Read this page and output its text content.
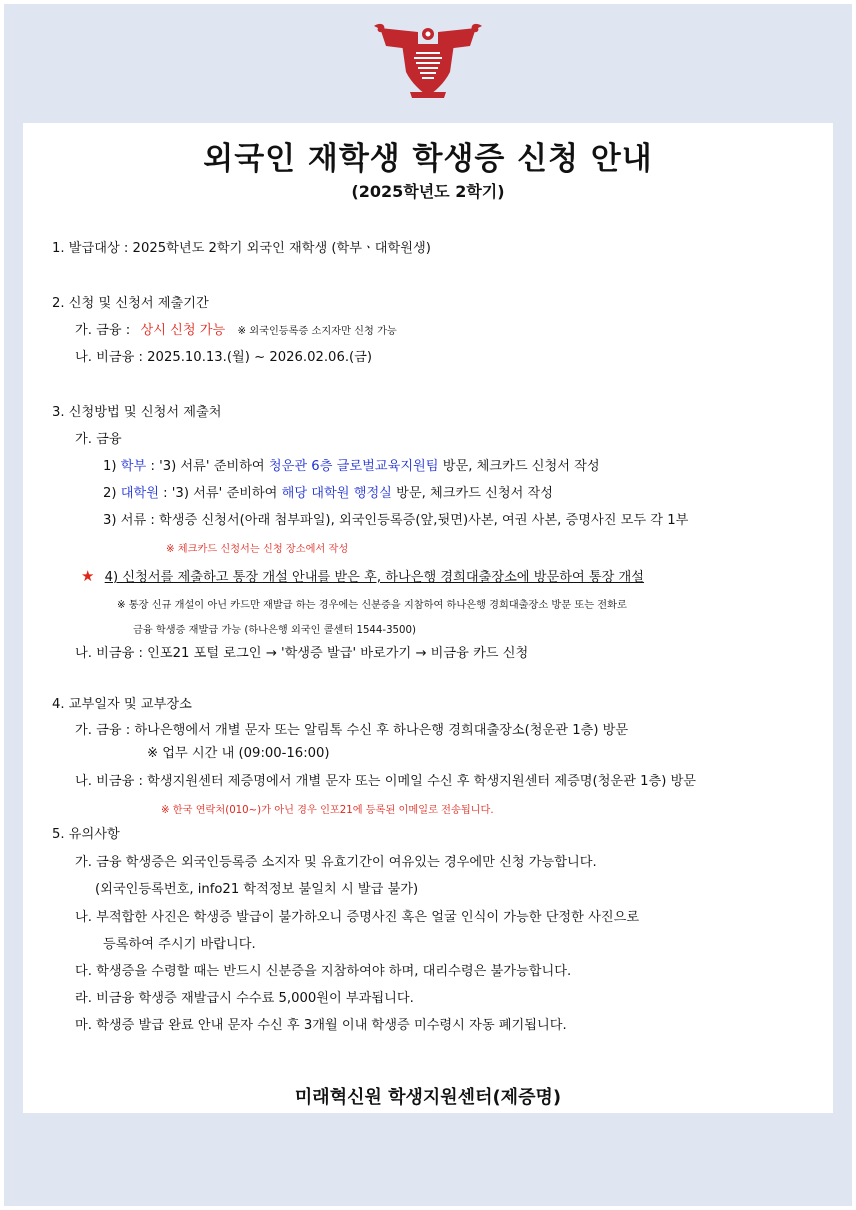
외국인 재학생 학생증 신청 안내
(2025학년도 2학기)
1. 발급대상 : 2025학년도 2학기 외국인 재학생 (학부ㆍ대학원생)
2. 신청 및 신청서 제출기간
가. 금융 : 상시 신청 가능 ※ 외국인등록증 소지자만 신청 가능
나. 비금융 : 2025.10.13.(월) ~ 2026.02.06.(금)
3. 신청방법 및 신청서 제출처
가. 금융
1) 학부 : '3) 서류' 준비하여 청운관 6층 글로벌교육지원팀 방문, 체크카드 신청서 작성
2) 대학원 : '3) 서류' 준비하여 해당 대학원 행정실 방문, 체크카드 신청서 작성
3) 서류 : 학생증 신청서(아래 첨부파일), 외국인등록증(앞,뒷면)사본, 여권 사본, 증명사진 모두 각 1부
※ 체크카드 신청서는 신청 장소에서 작성
★ 4) 신청서를 제출하고 통장 개설 안내를 받은 후, 하나은행 경희대출장소에 방문하여 통장 개설
※ 통장 신규 개설이 아닌 카드만 재발급 하는 경우에는 신분증을 지참하여 하나은행 경희대출장소 방문 또는 전화로
금융 학생증 재발급 가능 (하나은행 외국인 콜센터 1544-3500)
나. 비금융 : 인포21 포털 로그인 → '학생증 발급' 바로가기 → 비금융 카드 신청
4. 교부일자 및 교부장소
가. 금융 : 하나은행에서 개별 문자 또는 알림톡 수신 후 하나은행 경희대출장소(청운관 1층) 방문
※ 업무 시간 내 (09:00-16:00)
나. 비금융 : 학생지원센터 제증명에서 개별 문자 또는 이메일 수신 후 학생지원센터 제증명(청운관 1층) 방문
※ 한국 연락처(010~)가 아닌 경우 인포21에 등록된 이메일로 전송됩니다.
5. 유의사항
가. 금융 학생증은 외국인등록증 소지자 및 유효기간이 여유있는 경우에만 신청 가능합니다.
(외국인등록번호, info21 학적정보 불일치 시 발급 불가)
나. 부적합한 사진은 학생증 발급이 불가하오니 증명사진 혹은 얼굴 인식이 가능한 단정한 사진으로
등록하여 주시기 바랍니다.
다. 학생증을 수령할 때는 반드시 신분증을 지참하여야 하며, 대리수령은 불가능합니다.
라. 비금융 학생증 재발급시 수수료 5,000원이 부과됩니다.
마. 학생증 발급 완료 안내 문자 수신 후 3개월 이내 학생증 미수령시 자동 폐기됩니다.
미래혁신원 학생지원센터(제증명)
